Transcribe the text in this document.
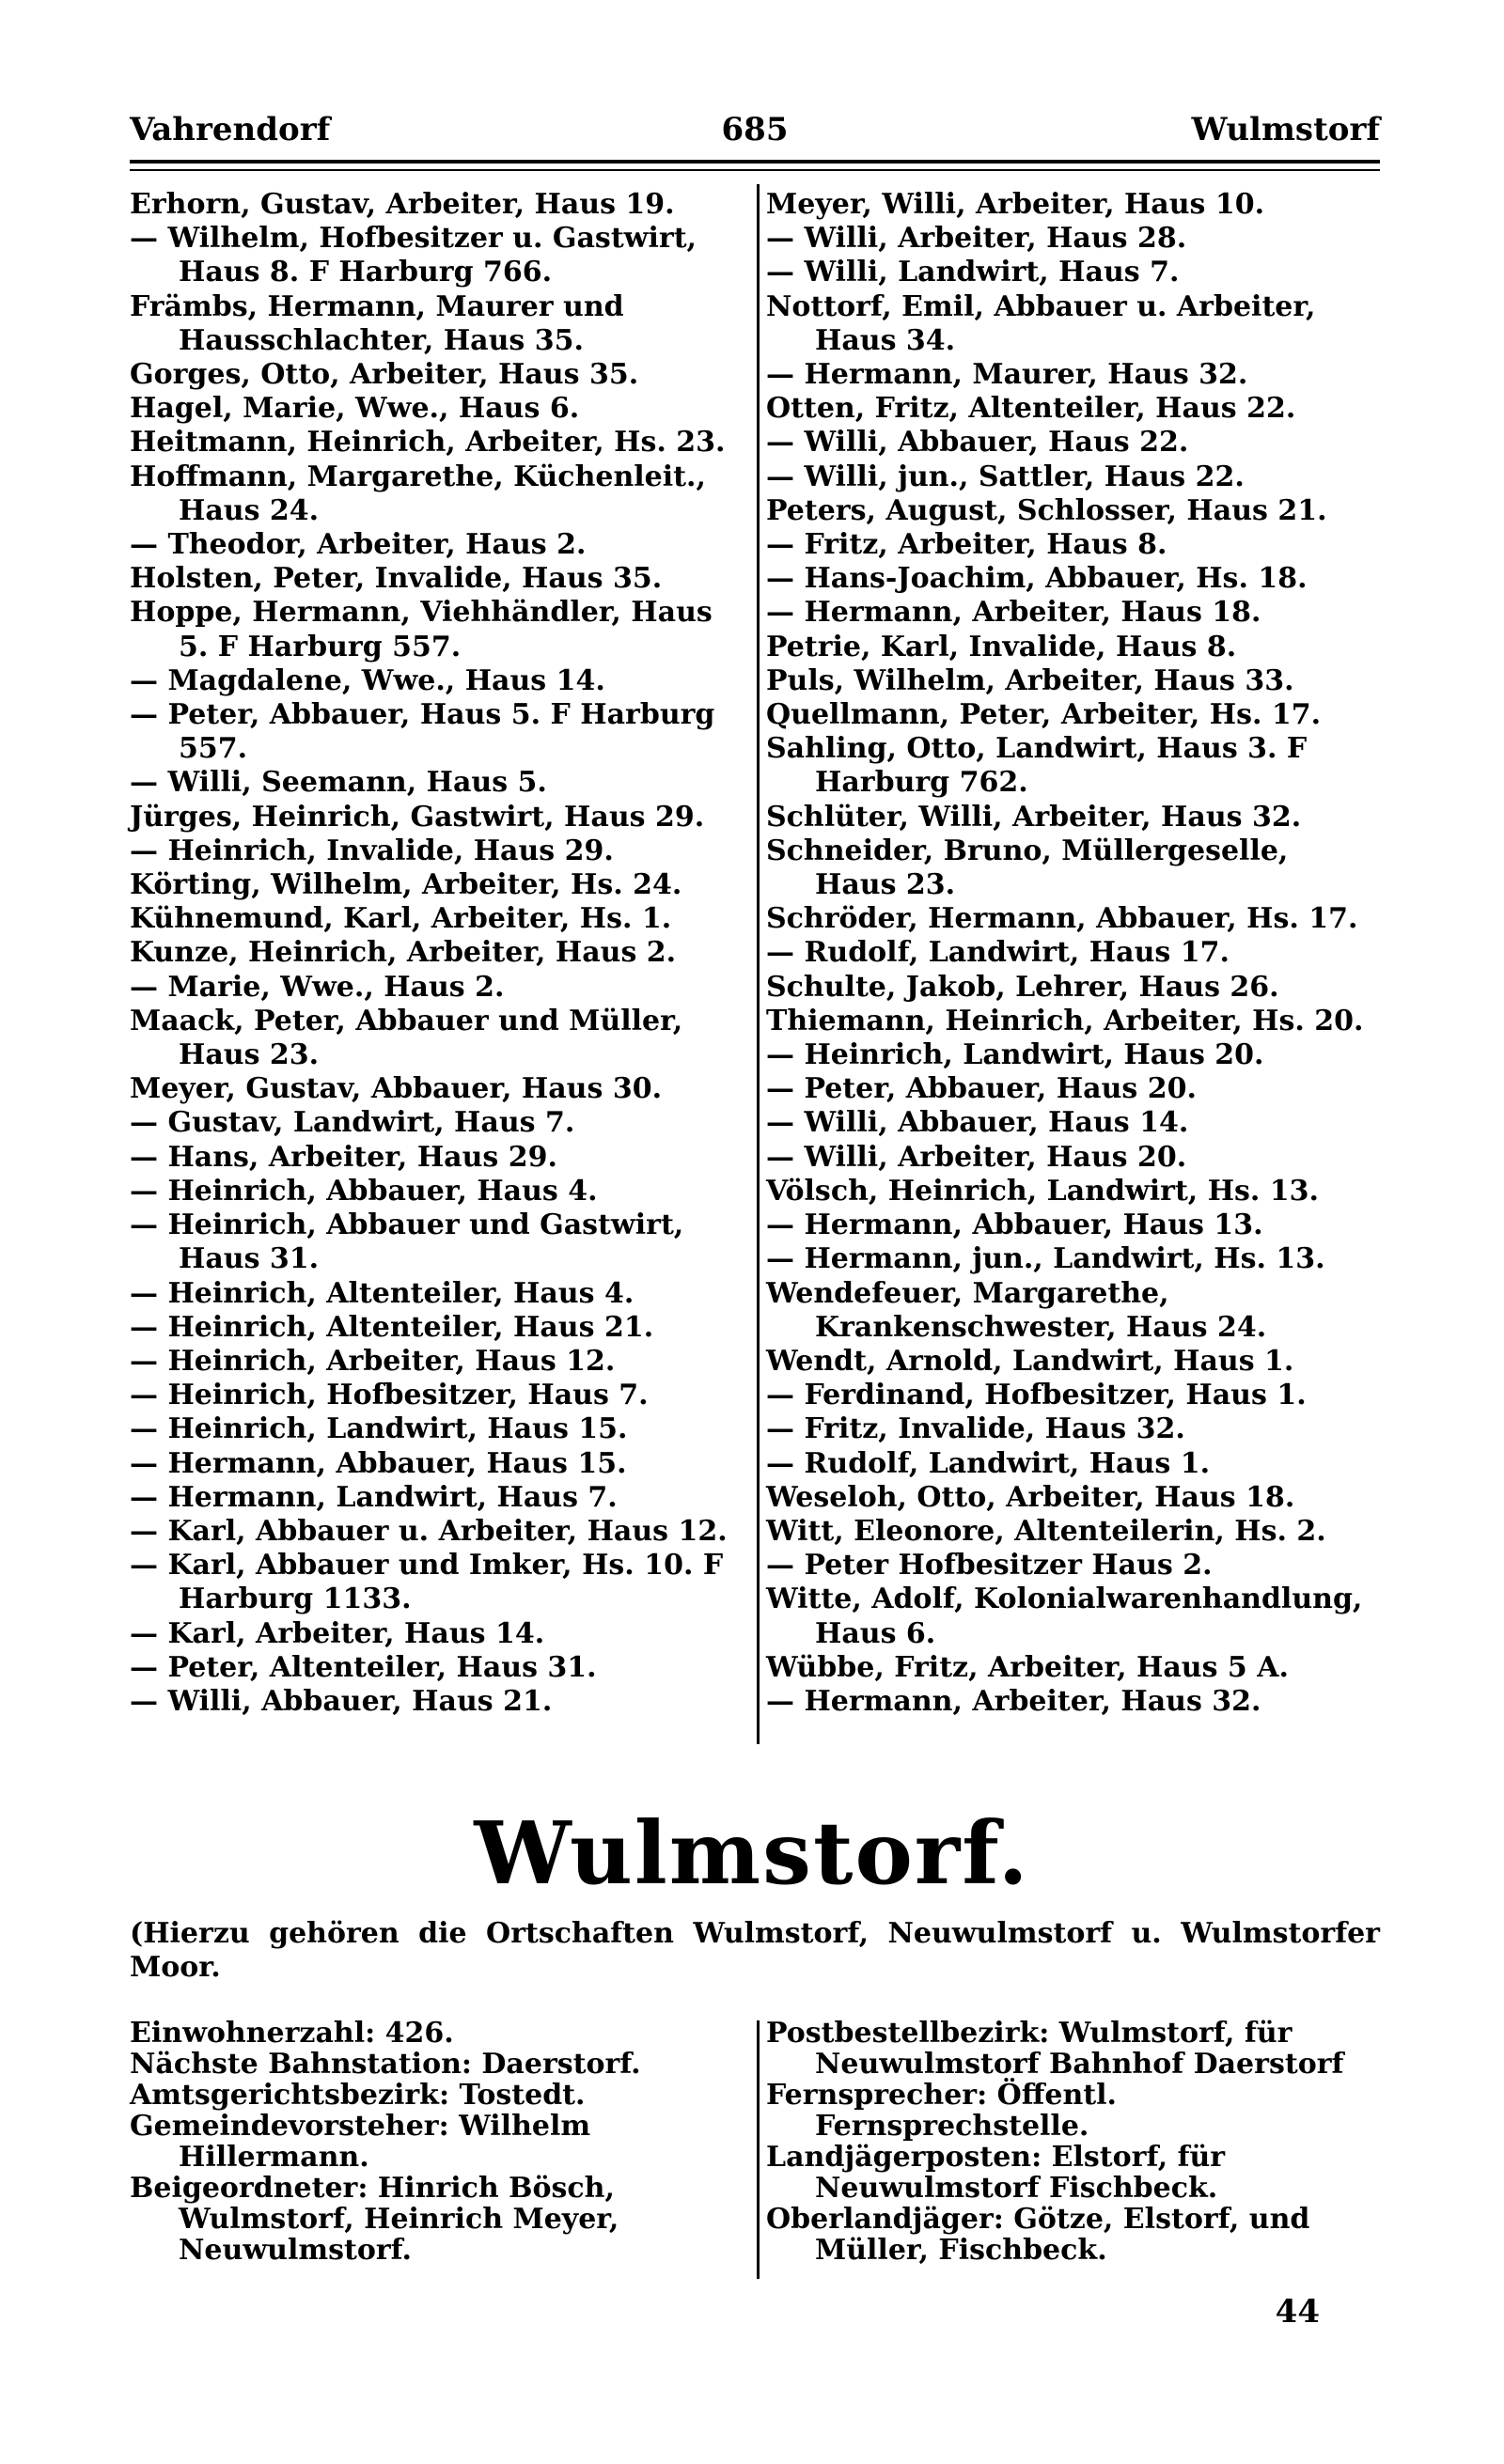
Vahrendorf	685	Wulmstorf

Erhorn, Gustav, Arbeiter, Haus 19.

— Wilhelm, Hofbesitzer u. Gastwirt, Haus 8. F Harburg 766.

Främbs, Hermann, Maurer und Hausschlachter, Haus 35.

Gorges, Otto, Arbeiter, Haus 35.

Hagel, Marie, Wwe., Haus 6.

Heitmann, Heinrich, Arbeiter, Hs. 23.

Hoffmann, Margarethe, Küchenleit., Haus 24.

— Theodor, Arbeiter, Haus 2.

Holsten, Peter, Invalide, Haus 35.

Hoppe, Hermann, Viehhändler, Haus 5. F Harburg 557.

— Magdalene, Wwe., Haus 14.

— Peter, Abbauer, Haus 5. F Harburg 557.

— Willi, Seemann, Haus 5.

Jürges, Heinrich, Gastwirt, Haus 29.

— Heinrich, Invalide, Haus 29.

Körting, Wilhelm, Arbeiter, Hs. 24.

Kühnemund, Karl, Arbeiter, Hs. 1.

Kunze, Heinrich, Arbeiter, Haus 2.

— Marie, Wwe., Haus 2.

Maack, Peter, Abbauer und Müller, Haus 23.

Meyer, Gustav, Abbauer, Haus 30.

— Gustav, Landwirt, Haus 7.

— Hans, Arbeiter, Haus 29.

— Heinrich, Abbauer, Haus 4.

— Heinrich, Abbauer und Gastwirt, Haus 31.

— Heinrich, Altenteiler, Haus 4.

— Heinrich, Altenteiler, Haus 21.

— Heinrich, Arbeiter, Haus 12.

— Heinrich, Hofbesitzer, Haus 7.

— Heinrich, Landwirt, Haus 15.

— Hermann, Abbauer, Haus 15.

— Hermann, Landwirt, Haus 7.

— Karl, Abbauer u. Arbeiter, Haus 12.

— Karl, Abbauer und Imker, Hs. 10. F Harburg 1133.

— Karl, Arbeiter, Haus 14.

— Peter, Altenteiler, Haus 31.

— Willi, Abbauer, Haus 21.

Meyer, Willi, Arbeiter, Haus 10.

— Willi, Arbeiter, Haus 28.

— Willi, Landwirt, Haus 7.

Nottorf, Emil, Abbauer u. Arbeiter, Haus 34.

— Hermann, Maurer, Haus 32.

Otten, Fritz, Altenteiler, Haus 22.

— Willi, Abbauer, Haus 22.

— Willi, jun., Sattler, Haus 22.

Peters, August, Schlosser, Haus 21.

— Fritz, Arbeiter, Haus 8.

— Hans-Joachim, Abbauer, Hs. 18.

— Hermann, Arbeiter, Haus 18.

Petrie, Karl, Invalide, Haus 8.

Puls, Wilhelm, Arbeiter, Haus 33.

Quellmann, Peter, Arbeiter, Hs. 17.

Sahling, Otto, Landwirt, Haus 3. F Harburg 762.

Schlüter, Willi, Arbeiter, Haus 32.

Schneider, Bruno, Müllergeselle, Haus 23.

Schröder, Hermann, Abbauer, Hs. 17.

— Rudolf, Landwirt, Haus 17.

Schulte, Jakob, Lehrer, Haus 26.

Thiemann, Heinrich, Arbeiter, Hs. 20.

— Heinrich, Landwirt, Haus 20.

— Peter, Abbauer, Haus 20.

— Willi, Abbauer, Haus 14.

— Willi, Arbeiter, Haus 20.

Völsch, Heinrich, Landwirt, Hs. 13.

— Hermann, Abbauer, Haus 13.

— Hermann, jun., Landwirt, Hs. 13.

Wendefeuer, Margarethe, Krankenschwester, Haus 24.

Wendt, Arnold, Landwirt, Haus 1.

— Ferdinand, Hofbesitzer, Haus 1.

— Fritz, Invalide, Haus 32.

— Rudolf, Landwirt, Haus 1.

Weseloh, Otto, Arbeiter, Haus 18.

Witt, Eleonore, Altenteilerin, Hs. 2.

— Peter Hofbesitzer Haus 2.

Witte, Adolf, Kolonialwarenhandlung, Haus 6.

Wübbe, Fritz, Arbeiter, Haus 5 A.

— Hermann, Arbeiter, Haus 32.

Wulmstorf.
(Hierzu gehören die Ortschaften Wulmstorf, Neuwulmstorf u. Wulmstorfer Moor.

Einwohnerzahl: 426.

Nächste Bahnstation: Daerstorf.

Amtsgerichtsbezirk: Tostedt.

Gemeindevorsteher: Wilhelm Hillermann.

Beigeordneter: Hinrich Bösch, Wulmstorf, Heinrich Meyer, Neuwulmstorf.

Postbestellbezirk: Wulmstorf, für Neuwulmstorf Bahnhof Daerstorf

Fernsprecher: Öffentl. Fernsprechstelle.

Landjägerposten: Elstorf, für Neuwulmstorf Fischbeck.

Oberlandjäger: Götze, Elstorf, und Müller, Fischbeck.

44
